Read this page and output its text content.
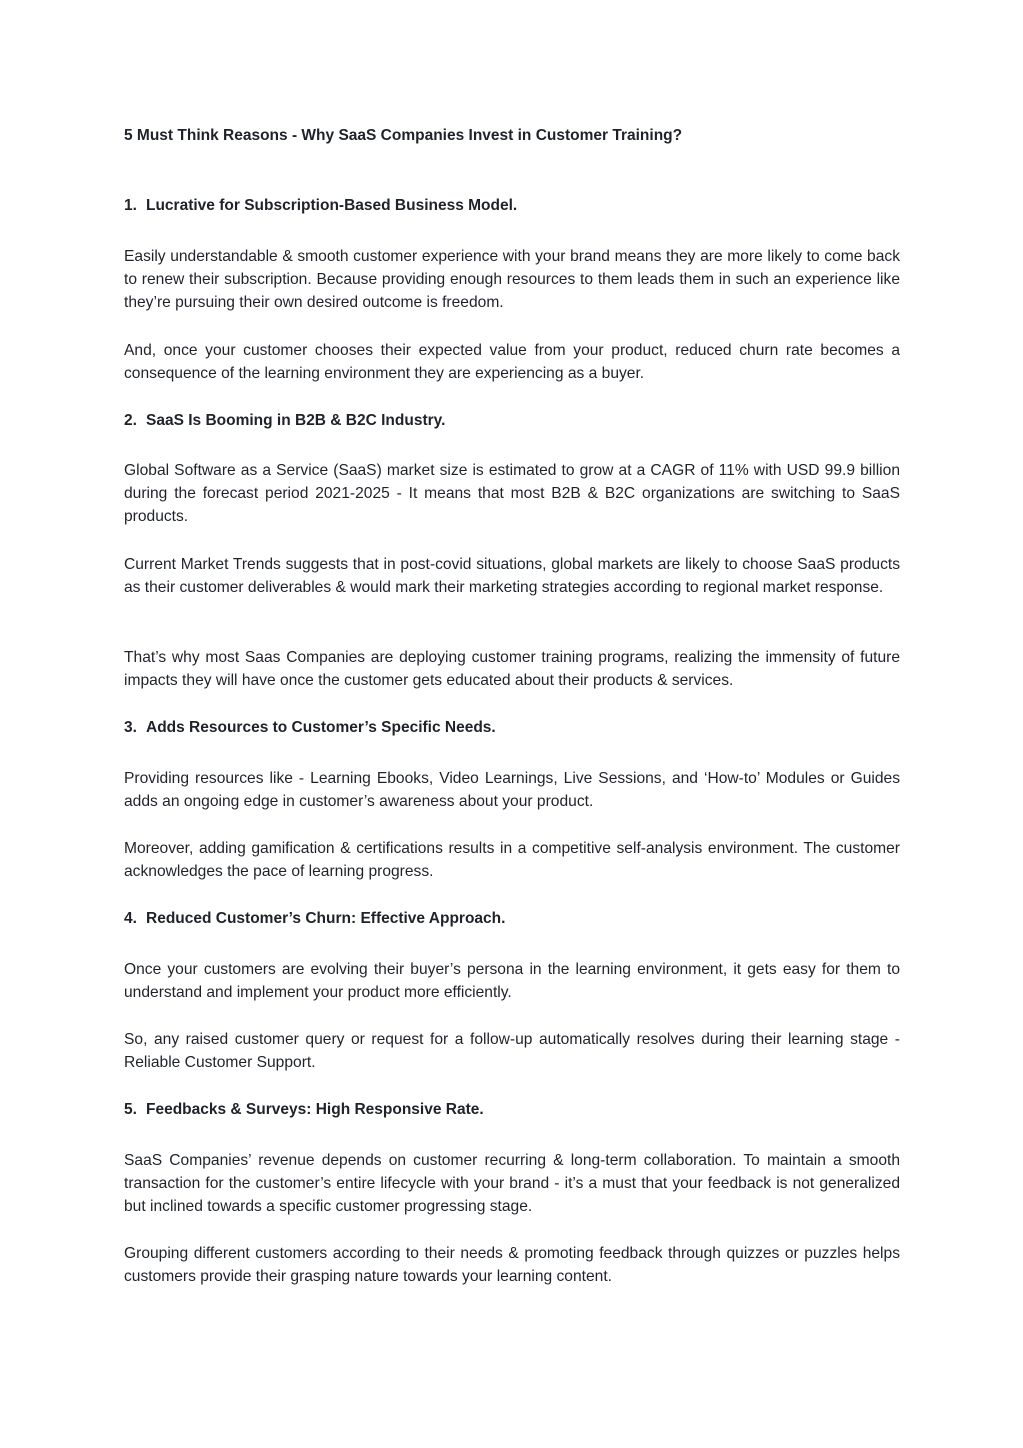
5 Must Think Reasons - Why SaaS Companies Invest in Customer Training?
1. Lucrative for Subscription-Based Business Model.
Easily understandable & smooth customer experience with your brand means they are more likely to come back to renew their subscription. Because providing enough resources to them leads them in such an experience like they’re pursuing their own desired outcome is freedom.
And, once your customer chooses their expected value from your product, reduced churn rate becomes a consequence of the learning environment they are experiencing as a buyer.
2. SaaS Is Booming in B2B & B2C Industry.
Global Software as a Service (SaaS) market size is estimated to grow at a CAGR of 11% with USD 99.9 billion during the forecast period 2021-2025 - It means that most B2B & B2C organizations are switching to SaaS products.
Current Market Trends suggests that in post-covid situations, global markets are likely to choose SaaS products as their customer deliverables & would mark their marketing strategies according to regional market response.
That’s why most Saas Companies are deploying customer training programs, realizing the immensity of future impacts they will have once the customer gets educated about their products & services.
3. Adds Resources to Customer’s Specific Needs.
Providing resources like - Learning Ebooks, Video Learnings, Live Sessions, and ‘How-to’ Modules or Guides adds an ongoing edge in customer’s awareness about your product.
Moreover, adding gamification & certifications results in a competitive self-analysis environment. The customer acknowledges the pace of learning progress.
4. Reduced Customer’s Churn: Effective Approach.
Once your customers are evolving their buyer’s persona in the learning environment, it gets easy for them to understand and implement your product more efficiently.
So, any raised customer query or request for a follow-up automatically resolves during their learning stage - Reliable Customer Support.
5. Feedbacks & Surveys: High Responsive Rate.
SaaS Companies’ revenue depends on customer recurring & long-term collaboration. To maintain a smooth transaction for the customer’s entire lifecycle with your brand - it’s a must that your feedback is not generalized but inclined towards a specific customer progressing stage.
Grouping different customers according to their needs & promoting feedback through quizzes or puzzles helps customers provide their grasping nature towards your learning content.
